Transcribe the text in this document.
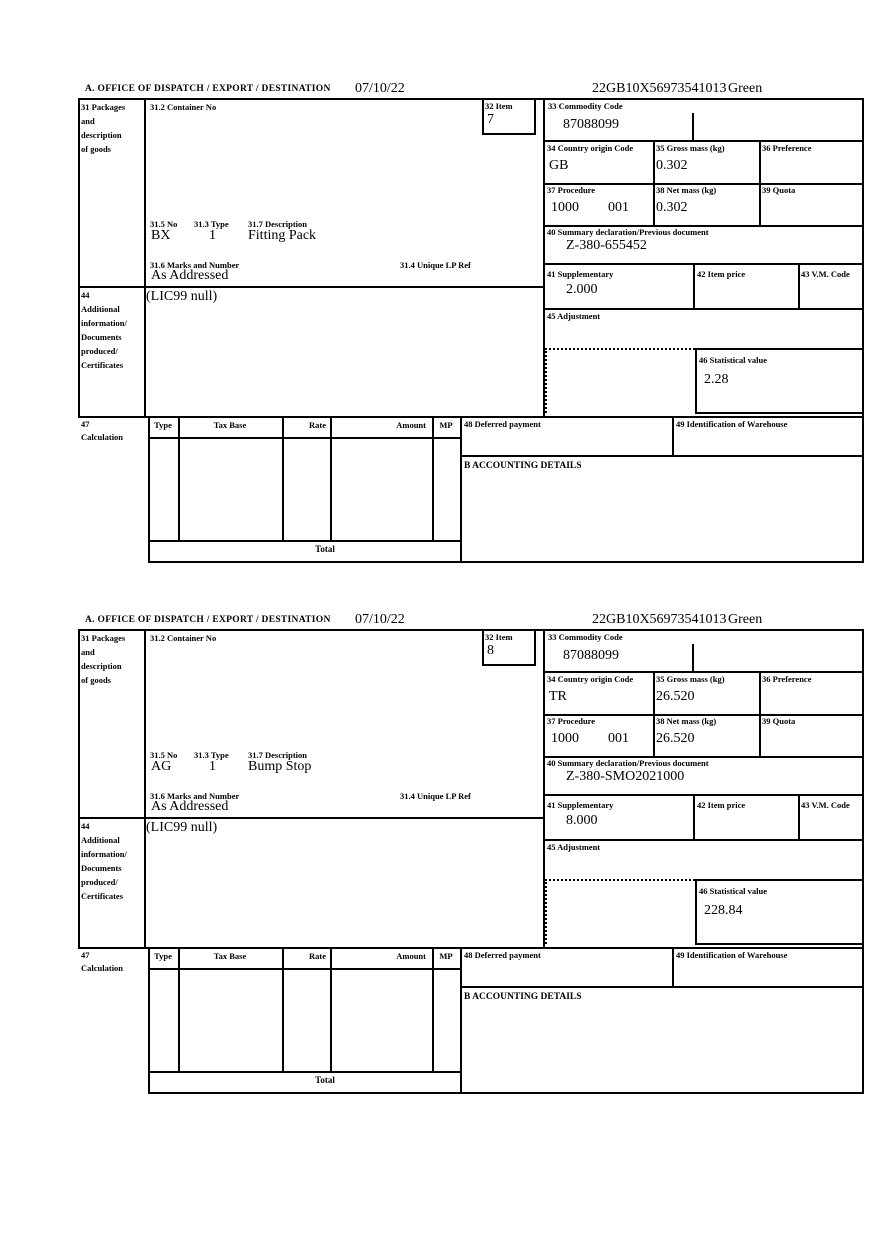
A. OFFICE OF DISPATCH / EXPORT / DESTINATION 07/10/22	22GB10X56973541013 Green
31 Packages
and
description
of goods
44
Additional
information/
Documents
produced/
Certificates
31.2 Container No
31.5 No 31.3 Type 31.7 Description
31.6 Marks and Number	31.4 Unique LP Ref
BX	1 Fitting Pack
As Addressed
(LIC99 null)
32 Item
7
33 Commodity Code
87088099
34 Country origin Code
GB
35 Gross mass (kg)
0.302
36 Preference
37 Procedure
1000 001
38 Net mass (kg)
0.302
39 Quota
40 Summary declaration/Previous document
Z-380-655452
41 Supplementary
2.000
42 Item price	43 V.M. Code
45 Adjustment
46 Statistical value
2.28
47
Calculation
Type	Tax Base	Rate	Amount	MP	48 Deferred payment	49 Identification of Warehouse
B ACCOUNTING DETAILS
Total
A. OFFICE OF DISPATCH / EXPORT / DESTINATION 07/10/22	22GB10X56973541013 Green
31 Packages
and
description
of goods
44
Additional
information/
Documents
produced/
Certificates
31.2 Container No
31.5 No 31.3 Type 31.7 Description
31.6 Marks and Number	31.4 Unique LP Ref
AG	1 Bump Stop
As Addressed
(LIC99 null)
32 Item
8
33 Commodity Code
87088099
34 Country origin Code
TR
35 Gross mass (kg)
26.520
36 Preference
37 Procedure
1000 001
38 Net mass (kg)
26.520
39 Quota
40 Summary declaration/Previous document
Z-380-SMO2021000
41 Supplementary
8.000
42 Item price	43 V.M. Code
45 Adjustment
46 Statistical value
228.84
47
Calculation
Type	Tax Base	Rate	Amount	MP	48 Deferred payment	49 Identification of Warehouse
B ACCOUNTING DETAILS
Total
